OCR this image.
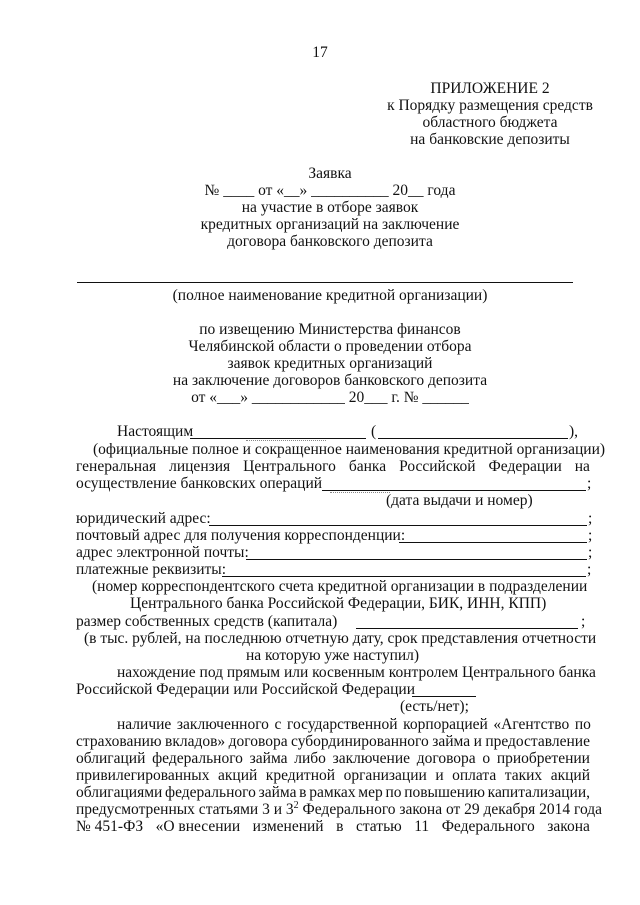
17
ПРИЛОЖЕНИЕ 2
к Порядку размещения средств
областного бюджета
на банковские депозиты
Заявка
№ ____ от «__» __________ 20__ года
на участие в отборе заявок
кредитных организаций на заключение
договора банковского депозита
(полное наименование кредитной организации)
по извещению Министерства финансов
Челябинской области о проведении отбора
заявок кредитных организаций
на заключение договоров банковского депозита
от «___» ____________ 20___ г. № ______
Настоящим	(	),
(официальные полное и сокращенное наименования кредитной организации)
генеральная лицензия Центрального банка Российской Федерации на
осуществление банковских операций	;
(дата выдачи и номер)
юридический адрес:	;
почтовый адрес для получения корреспонденции:	;
адрес электронной почты:	;
платежные реквизиты:	;
(номер корреспондентского счета кредитной организации в подразделении
Центрального банка Российской Федерации, БИК, ИНН, КПП)
размер собственных средств (капитала)	;
(в тыс. рублей, на последнюю отчетную дату, срок представления отчетности
на которую уже наступил)
нахождение под прямым или косвенным контролем Центрального банка
Российской Федерации или Российской Федерации
(есть/нет);
наличие заключенного с государственной корпорацией «Агентство по
страхованию вкладов» договора субординированного займа и предоставление
облигаций федерального займа либо заключение договора о приобретении
привилегированных акций кредитной организации и оплата таких акций
облигациями федерального займа в рамках мер по повышению капитализации,
предусмотренных статьями 3 и $3^2$ Федерального закона от 29 декабря 2014 года
№ 451-ФЗ «О внесении изменений в статью 11 Федерального закона
